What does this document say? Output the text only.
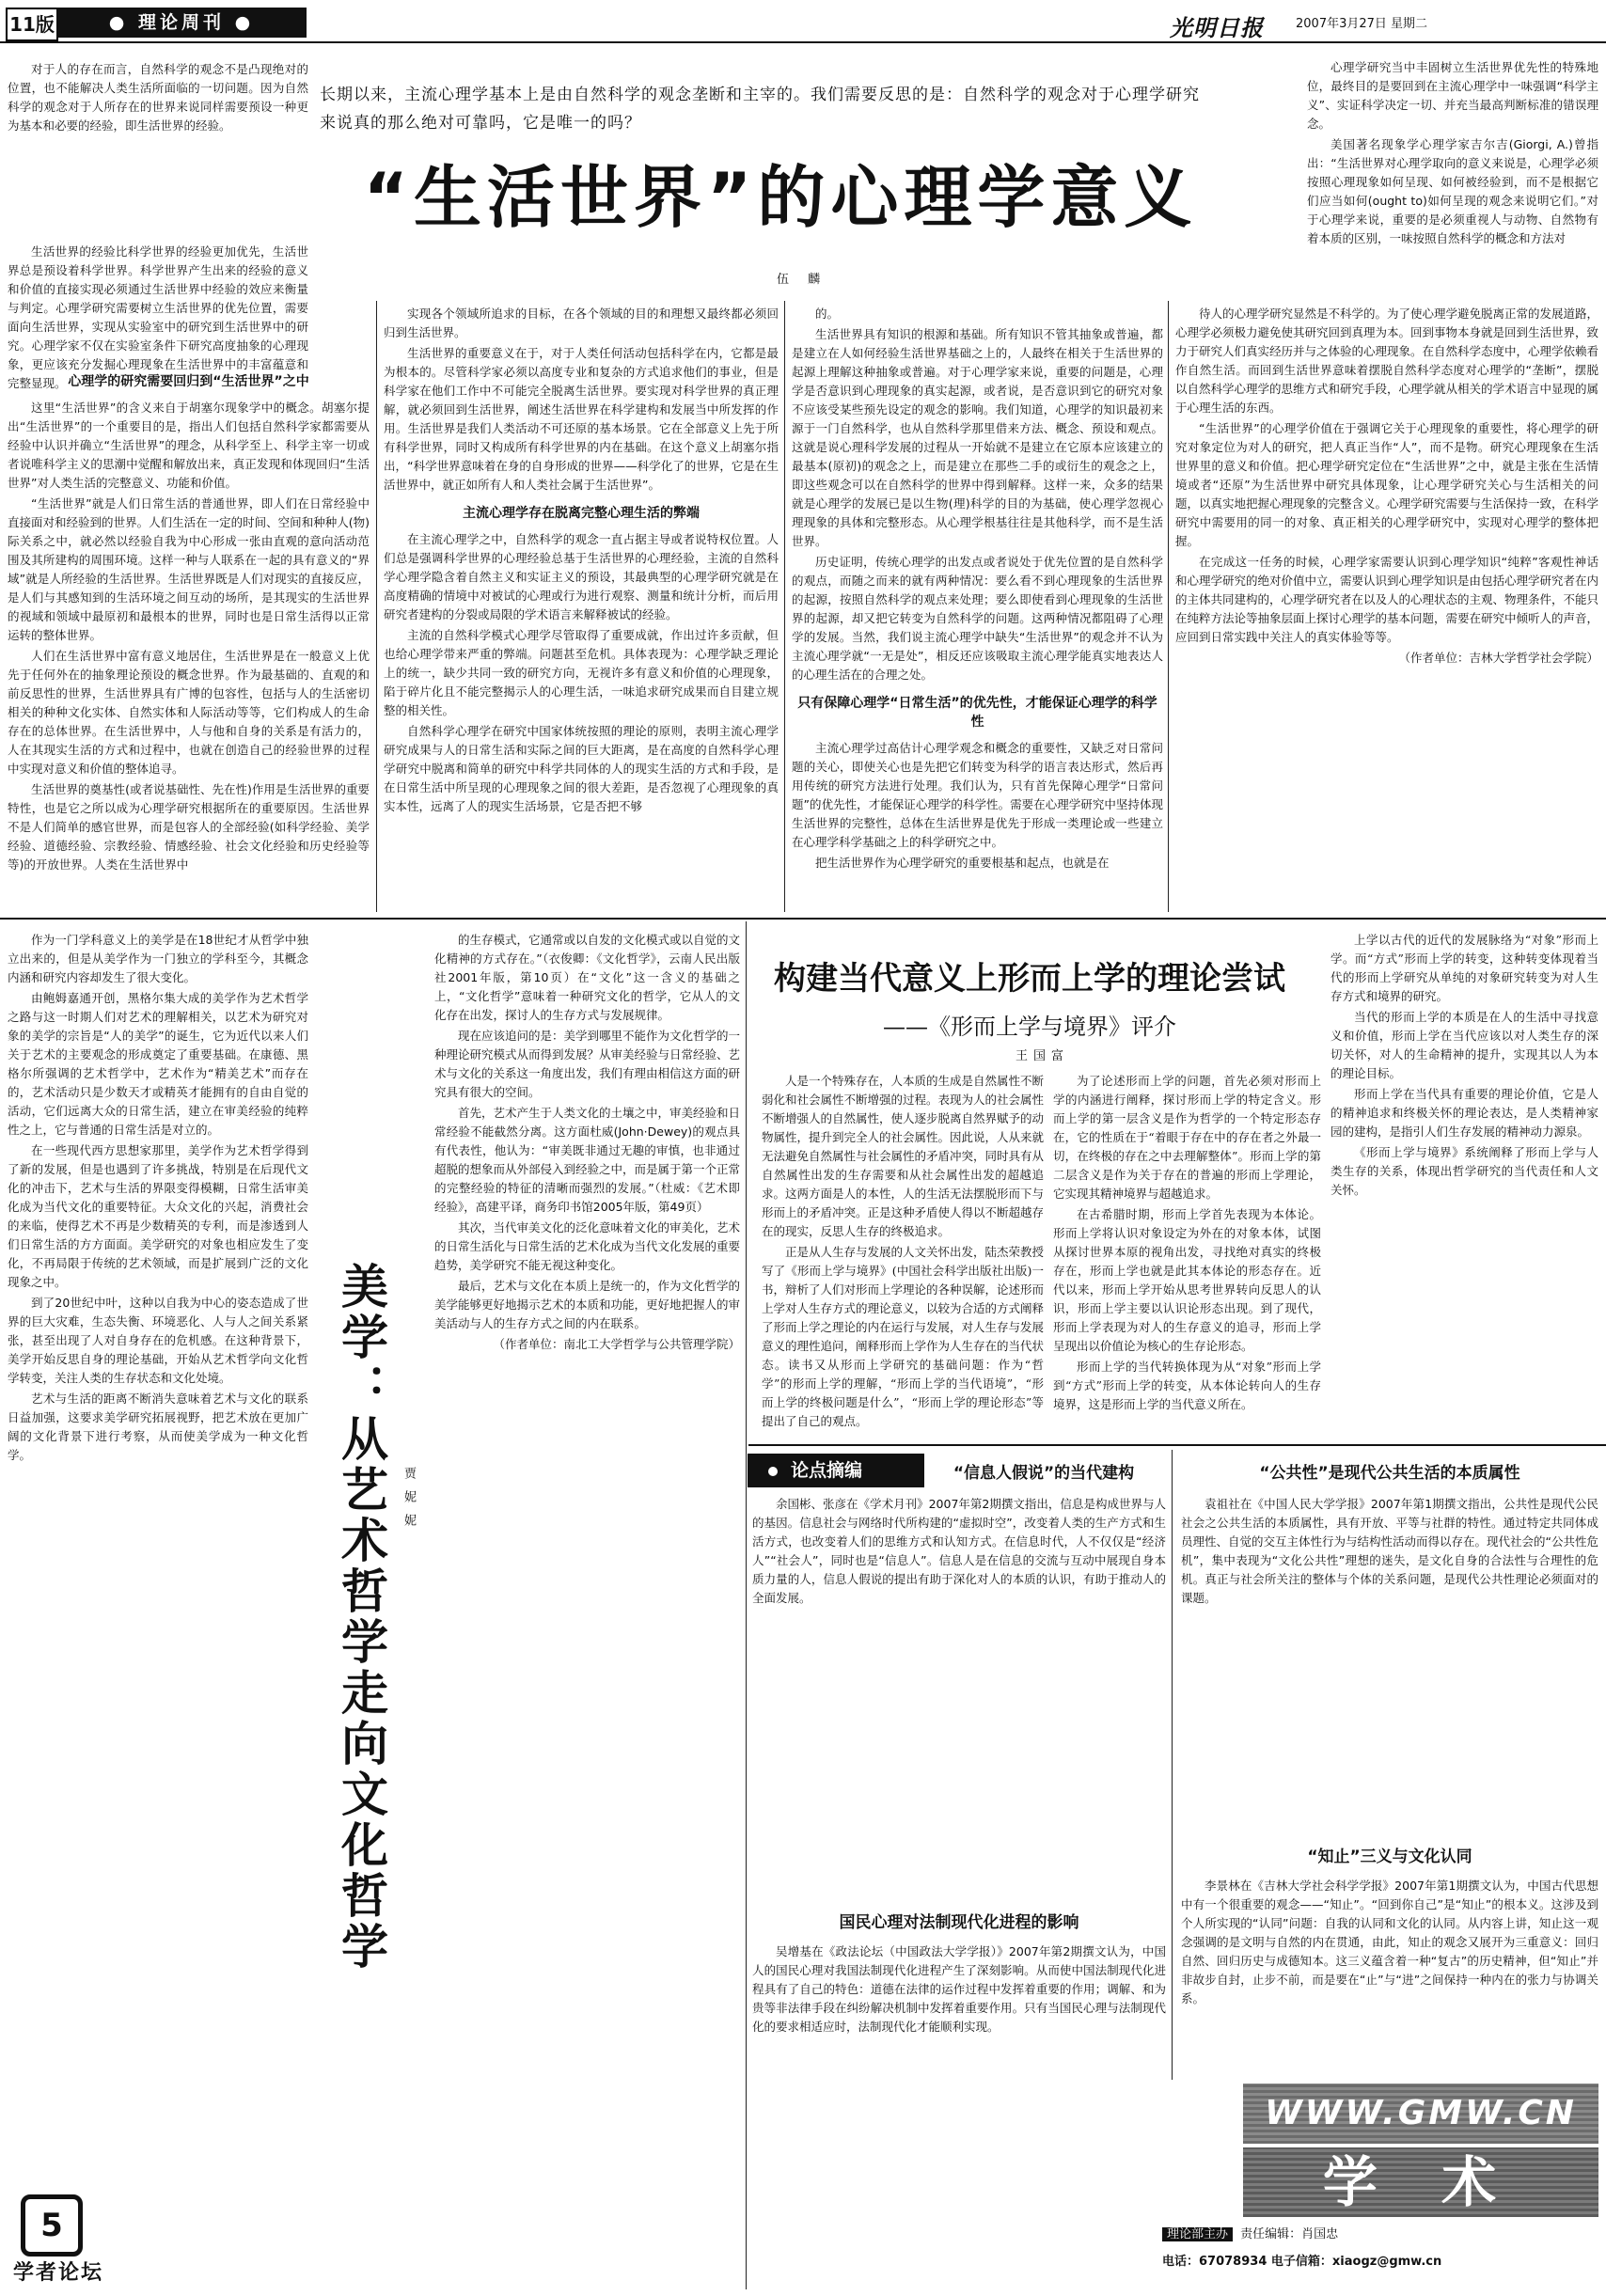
11版	● 理论周刊 ●	光明日报	2007年3月27日 星期二
长期以来，主流心理学基本上是由自然科学的观念垄断和主宰的。我们需要反思的是：自然科学的观念对于心理学研究来说真的那么绝对可靠吗，它是唯一的吗？
“生活世界”的心理学意义
伍 麟

对于人的存在而言，自然科学的观念不是凸现绝对的位置，也不能解决人类生活所面临的一切问题。因为自然科学的观念对于人所存在的世界来说同样需要预设一种更为基本和必要的经验，即生活世界的经验。

生活世界的经验比科学世界的经验更加优先，生活世界总是预设着科学世界。科学世界产生出来的经验的意义和价值的直接实现必须通过生活世界中经验的效应来衡量与判定。心理学研究需要树立生活世界的优先位置，需要面向生活世界，实现从实验室中的研究到生活世界中的研究。心理学家不仅在实验室条件下研究高度抽象的心理现象，更应该充分发掘心理现象在生活世界中的丰富蕴意和完整显现。 心理学的研究需要回归到“生活世界”之中

这里“生活世界”的含义来自于胡塞尔现象学中的概念。胡塞尔提出“生活世界”的一个重要目的是，指出人们包括自然科学家都需要从经验中认识并确立“生活世界”的理念，从科学至上、科学主宰一切或者说唯科学主义的思潮中觉醒和解放出来，真正发现和体现回归“生活世界”对人类生活的完整意义、功能和价值。

“生活世界”就是人们日常生活的普通世界，即人们在日常经验中直接面对和经验到的世界。人们生活在一定的时间、空间和种种人(物)际关系之中，就必然以经验自我为中心形成一张由直观的意向活动范围及其所建构的周围环境。这样一种与人联系在一起的具有意义的“界域”就是人所经验的生活世界。生活世界既是人们对现实的直接反应，是人们与其感知到的生活环境之间互动的场所，是其现实的生活世界的视域和领域中最原初和最根本的世界，同时也是日常生活得以正常运转的整体世界。

人们在生活世界中富有意义地居住，生活世界是在一般意义上优先于任何外在的抽象理论预设的概念世界。作为最基础的、直观的和前反思性的世界，生活世界具有广博的包容性，包括与人的生活密切相关的种种文化实体、自然实体和人际活动等等，它们构成人的生命存在的总体世界。在生活世界中，人与他和自身的关系是有活力的，人在其现实生活的方式和过程中，也就在创造自己的经验世界的过程中实现对意义和价值的整体追寻。

生活世界的奠基性(或者说基础性、先在性)作用是生活世界的重要特性，也是它之所以成为心理学研究根据所在的重要原因。生活世界不是人们简单的感官世界，而是包容人的全部经验(如科学经验、美学经验、道德经验、宗教经验、情感经验、社会文化经验和历史经验等等)的开放世界。人类在生活世界中

实现各个领域所追求的目标，在各个领域的目的和理想又最终都必须回归到生活世界。

生活世界的重要意义在于，对于人类任何活动包括科学在内，它都是最为根本的。尽管科学家必须以高度专业和复杂的方式追求他们的事业，但是科学家在他们工作中不可能完全脱离生活世界。要实现对科学世界的真正理解，就必须回到生活世界，阐述生活世界在科学建构和发展当中所发挥的作用。生活世界是我们人类活动不可还原的基本场景。它在全部意义上先于所有科学世界，同时又构成所有科学世界的内在基础。在这个意义上胡塞尔指出，“科学世界意味着在身的自身形成的世界——科学化了的世界，它是在生活世界中，就正如所有人和人类社会属于生活世界”。

主流心理学存在脱离完整心理生活的弊端

在主流心理学之中，自然科学的观念一直占据主导或者说特权位置。人们总是强调科学世界的心理经验总基于生活世界的心理经验，主流的自然科学心理学隐含着自然主义和实证主义的预设，其最典型的心理学研究就是在高度精确的情境中对被试的心理或行为进行观察、测量和统计分析，而后用研究者建构的分裂或局限的学术语言来解释被试的经验。

主流的自然科学模式心理学尽管取得了重要成就，作出过许多贡献，但也给心理学带来严重的弊端。问题甚至危机。具体表现为：心理学缺乏理论上的统一，缺少共同一致的研究方向，无视许多有意义和价值的心理现象，陷于碎片化且不能完整揭示人的心理生活，一味追求研究成果而自目建立规整的相关性。

自然科学心理学在研究中国家体统按照的理论的原则，表明主流心理学研究成果与人的日常生活和实际之间的巨大距离，是在高度的自然科学心理学研究中脱离和简单的研究中科学共同体的人的现实生活的方式和手段，是在日常生活中所呈现的心理现象之间的很大差距，是否忽视了心理现象的真实本性，远离了人的现实生活场景，它是否把不够

的。

生活世界具有知识的根源和基础。所有知识不管其抽象或普遍，都是建立在人如何经验生活世界基础之上的，人最终在相关于生活世界的起源上理解这种抽象或普遍。对于心理学家来说，重要的问题是，心理学是否意识到心理现象的真实起源，或者说，是否意识到它的研究对象不应该受某些预先设定的观念的影响。我们知道，心理学的知识最初来源于一门自然科学，也从自然科学那里借来方法、概念、预设和观点。这就是说心理科学发展的过程从一开始就不是建立在它原本应该建立的最基本(原初)的观念之上，而是建立在那些二手的或衍生的观念之上，即这些观念可以在自然科学的世界中得到解释。这样一来，众多的结果就是心理学的发展已是以生物(理)科学的目的为基础，使心理学忽视心理现象的具体和完整形态。从心理学根基往往是其他科学，而不是生活世界。

历史证明，传统心理学的出发点或者说处于优先位置的是自然科学的观点，而随之而来的就有两种情况：要么看不到心理现象的生活世界的起源，按照自然科学的观点来处理；要么即使看到心理现象的生活世界的起源，却又把它转变为自然科学的问题。这两种情况都阻碍了心理学的发展。当然，我们说主流心理学中缺失“生活世界”的观念并不认为主流心理学就“一无是处”，相反还应该吸取主流心理学能真实地表达人的心理生活在的合理之处。

只有保障心理学“日常生活”的优先性，才能保证心理学的科学性

主流心理学过高估计心理学观念和概念的重要性，又缺乏对日常问题的关心，即使关心也是先把它们转变为科学的语言表达形式，然后再用传统的研究方法进行处理。我们认为，只有首先保障心理学“日常问题”的优先性，才能保证心理学的科学性。需要在心理学研究中坚持体现生活世界的完整性，总体在生活世界是优先于形成一类理论或一些建立在心理学科学基础之上的科学研究之中。

把生活世界作为心理学研究的重要根基和起点，也就是在

待人的心理学研究显然是不科学的。为了使心理学避免脱离正常的发展道路，心理学必须极力避免使其研究回到真理为本。回到事物本身就是回到生活世界，致力于研究人们真实经历并与之体验的心理现象。在自然科学态度中，心理学依赖看作自然生活。而回到生活世界意味着摆脱自然科学态度对心理学的“垄断”，摆脱以自然科学心理学的思维方式和研究手段，心理学就从相关的学术语言中显现的属于心理生活的东西。

“生活世界”的心理学价值在于强调它关于心理现象的重要性，将心理学的研究对象定位为对人的研究，把人真正当作“人”，而不是物。研究心理现象在生活世界里的意义和价值。把心理学研究定位在“生活世界”之中，就是主张在生活情境或者“还原”为生活世界中研究具体现象，让心理学研究关心与生活相关的问题，以真实地把握心理现象的完整含义。心理学研究需要与生活保持一致，在科学研究中需要用的同一的对象、真正相关的心理学研究中，实现对心理学的整体把握。

在完成这一任务的时候，心理学家需要认识到心理学知识“纯粹”客观性神话和心理学研究的绝对价值中立，需要认识到心理学知识是由包括心理学研究者在内的主体共同建构的，心理学研究者在以及人的心理状态的主观、物理条件，不能只在纯粹方法论等抽象层面上探讨心理学的基本问题，需要在研究中倾听人的声音，应回到日常实践中关注人的真实体验等等。

（作者单位：吉林大学哲学社会学院）

心理学研究当中丰固树立生活世界优先性的特殊地位，最终目的是要回到在主流心理学中一味强调“科学主义”、实证科学决定一切、并充当最高判断标准的错误理念。

美国著名现象学心理学家吉尔吉(Giorgi, A.)曾指出：“生活世界对心理学取向的意义来说是，心理学必须按照心理现象如何呈现、如何被经验到，而不是根据它们应当如何(ought to)如何呈现的观念来说明它们。”对于心理学来说，重要的是必须重视人与动物、自然物有着本质的区别，一味按照自然科学的概念和方法对

作为一门学科意义上的美学是在18世纪才从哲学中独立出来的，但是从美学作为一门独立的学科至今，其概念内涵和研究内容却发生了很大变化。

由鲍姆嘉通开创，黑格尔集大成的美学作为艺术哲学之路与这一时期人们对艺术的理解相关，以艺术为研究对象的美学的宗旨是“人的美学”的诞生，它为近代以来人们关于艺术的主要观念的形成奠定了重要基础。在康德、黑格尔所强调的艺术哲学中，艺术作为“精美艺术”而存在的，艺术活动只是少数天才或精英才能拥有的自由自觉的活动，它们远离大众的日常生活，建立在审美经验的纯粹性之上，它与普通的日常生活是对立的。

在一些现代西方思想家那里，美学作为艺术哲学得到了新的发展，但是也遇到了许多挑战，特别是在后现代文化的冲击下，艺术与生活的界限变得模糊，日常生活审美化成为当代文化的重要特征。大众文化的兴起，消费社会的来临，使得艺术不再是少数精英的专利，而是渗透到人们日常生活的方方面面。美学研究的对象也相应发生了变化，不再局限于传统的艺术领域，而是扩展到广泛的文化现象之中。

到了20世纪中叶，这种以自我为中心的姿态造成了世界的巨大灾难，生态失衡、环境恶化、人与人之间关系紧张，甚至出现了人对自身存在的危机感。在这种背景下，美学开始反思自身的理论基础，开始从艺术哲学向文化哲学转变，关注人类的生存状态和文化处境。

艺术与生活的距离不断消失意味着艺术与文化的联系日益加强，这要求美学研究拓展视野，把艺术放在更加广阔的文化背景下进行考察，从而使美学成为一种文化哲学。	美学：从艺术哲学走向文化哲学 贾 妮 妮

的生存模式，它通常或以自发的文化模式或以自觉的文化精神的方式存在。”（衣俊卿：《文化哲学》，云南人民出版社2001年版，第10页）在“文化”这一含义的基础之上，“文化哲学”意味着一种研究文化的哲学，它从人的文化存在出发，探讨人的生存方式与发展规律。

现在应该追问的是：美学到哪里不能作为文化哲学的一种理论研究模式从而得到发展？从审美经验与日常经验、艺术与文化的关系这一角度出发，我们有理由相信这方面的研究具有很大的空间。

首先，艺术产生于人类文化的土壤之中，审美经验和日常经验不能截然分离。这方面杜威(John·Dewey)的观点具有代表性，他认为：“审美既非通过无趣的审慎，也非通过超脱的想象而从外部侵入到经验之中，而是属于第一个正常的完整经验的特征的清晰而强烈的发展。”（杜威：《艺术即经验》，高建平译，商务印书馆2005年版，第49页）

其次，当代审美文化的泛化意味着文化的审美化，艺术的日常生活化与日常生活的艺术化成为当代文化发展的重要趋势，美学研究不能无视这种变化。

最后，艺术与文化在本质上是统一的，作为文化哲学的美学能够更好地揭示艺术的本质和功能，更好地把握人的审美活动与人的生存方式之间的内在联系。

（作者单位：南北工大学哲学与公共管理学院）

构建当代意义上形而上学的理论尝试
——《形而上学与境界》评介
王国富

人是一个特殊存在，人本质的生成是自然属性不断弱化和社会属性不断增强的过程。表现为人的社会属性不断增强人的自然属性，使人逐步脱离自然界赋予的动物属性，提升到完全人的社会属性。因此说，人从来就无法避免自然属性与社会属性的矛盾冲突，同时具有从自然属性出发的生存需要和从社会属性出发的超越追求。这两方面是人的本性，人的生活无法摆脱形而下与形而上的矛盾冲突。正是这种矛盾使人得以不断超越存在的现实，反思人生存的终极追求。

正是从人生存与发展的人文关怀出发，陆杰荣教授写了《形而上学与境界》(中国社会科学出版社出版)一书，辩析了人们对形而上学理论的各种误解，论述形而上学对人生存方式的理论意义，以较为合适的方式阐释了形而上学之理论的内在运行与发展，对人生存与发展意义的理性追问，阐释形而上学作为人生存在的当代状态。读书又从形而上学研究的基础问题：作为“哲学”的形而上学的理解，“形而上学的当代语境”，“形而上学的终极问题是什么”，“形而上学的理论形态”等提出了自己的观点。

为了论述形而上学的问题，首先必须对形而上学的内涵进行阐释，探讨形而上学的特定含义。形而上学的第一层含义是作为哲学的一个特定形态存在，它的性质在于“着眼于存在中的存在者之外最一切，在终极的存在之中去理解整体”。形而上学的第二层含义是作为关于存在的普遍的形而上学理论，它实现其精神境界与超越追求。

在古希腊时期，形而上学首先表现为本体论。形而上学将认识对象设定为外在的对象本体，试图从探讨世界本原的视角出发，寻找绝对真实的终极存在，形而上学也就是此其本体论的形态存在。近代以来，形而上学开始从思考世界转向反思人的认识，形而上学主要以认识论形态出现。到了现代，形而上学表现为对人的生存意义的追寻，形而上学呈现出以价值论为核心的生存论形态。

形而上学的当代转换体现为从“对象”形而上学到“方式”形而上学的转变，从本体论转向人的生存境界，这是形而上学的当代意义所在。

上学以古代的近代的发展脉络为“对象”形而上学。而“方式”形而上学的转变，这种转变体现着当代的形而上学研究从单纯的对象研究转变为对人生存方式和境界的研究。

当代的形而上学的本质是在人的生活中寻找意义和价值，形而上学在当代应该以对人类生存的深切关怀，对人的生命精神的提升，实现其以人为本的理论目标。

形而上学在当代具有重要的理论价值，它是人的精神追求和终极关怀的理论表达，是人类精神家园的建构，是指引人们生存发展的精神动力源泉。

《形而上学与境界》系统阐释了形而上学与人类生存的关系，体现出哲学研究的当代责任和人文关怀。

论点摘编	“信息人假说”的当代建构

余国彬、张彦在《学术月刊》2007年第2期撰文指出，信息是构成世界与人的基因。信息社会与网络时代所构建的“虚拟时空”，改变着人类的生产方式和生活方式，也改变着人们的思维方式和认知方式。在信息时代，人不仅仅是“经济人”“社会人”，同时也是“信息人”。信息人是在信息的交流与互动中展现自身本质力量的人，信息人假说的提出有助于深化对人的本质的认识，有助于推动人的全面发展。

国民心理对法制现代化进程的影响

吴增基在《政法论坛（中国政法大学学报）》2007年第2期撰文认为，中国人的国民心理对我国法制现代化进程产生了深刻影响。从而使中国法制现代化进程具有了自己的特色：道德在法律的运作过程中发挥着重要的作用；调解、和为贵等非法律手段在纠纷解决机制中发挥着重要作用。只有当国民心理与法制现代化的要求相适应时，法制现代化才能顺利实现。

“公共性”是现代公共生活的本质属性

袁祖社在《中国人民大学学报》2007年第1期撰文指出，公共性是现代公民社会之公共生活的本质属性，具有开放、平等与社群的特性。通过特定共同体成员理性、自觉的交互主体性行为与结构性活动而得以存在。现代社会的“公共性危机”，集中表现为“文化公共性”理想的迷失，是文化自身的合法性与合理性的危机。真正与社会所关注的整体与个体的关系问题，是现代公共性理论必须面对的课题。

“知止”三义与文化认同

李景林在《吉林大学社会科学学报》2007年第1期撰文认为，中国古代思想中有一个很重要的观念——“知止”。“回到你自己”是“知止”的根本义。这涉及到个人所实现的“认同”问题：自我的认同和文化的认同。从内容上讲，知止这一观念强调的是文明与自然的内在贯通，由此，知止的观念又展开为三重意义：回归自然、回归历史与成德知本。这三义蕴含着一种“复古”的历史精神，但“知止”并非故步自封，止步不前，而是要在“止”与“进”之间保持一种内在的张力与协调关系。

5
学者论坛
WWW.GMW.CN
学 术
理论部主办 责任编辑：肖国忠
电话：67078934 电子信箱：xiaogz@gmw.cn
